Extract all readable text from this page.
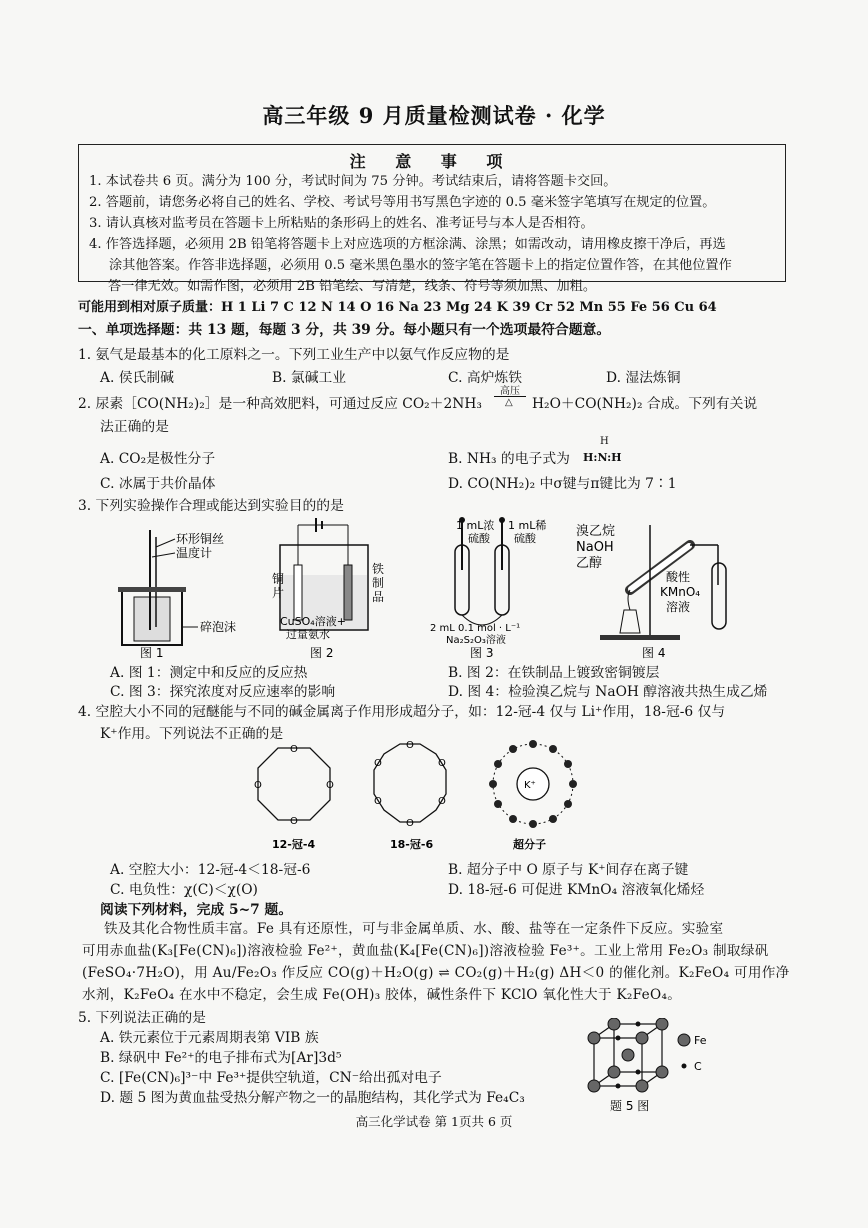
高三年级 9 月质量检测试卷 · 化学
注 意 事 项
1. 本试卷共 6 页。满分为 100 分，考试时间为 75 分钟。考试结束后，请将答题卡交回。
2. 答题前，请您务必将自己的姓名、学校、考试号等用书写黑色字迹的 0.5 毫米签字笔填写在规定的位置。
3. 请认真核对监考员在答题卡上所粘贴的条形码上的姓名、准考证号与本人是否相符。
4. 作答选择题，必须用 2B 铅笔将答题卡上对应选项的方框涂满、涂黑；如需改动，请用橡皮擦干净后，再选
涂其他答案。作答非选择题，必须用 0.5 毫米黑色墨水的签字笔在答题卡上的指定位置作答，在其他位置作
答一律无效。如需作图，必须用 2B 铅笔绘、写清楚，线条、符号等须加黑、加粗。
可能用到相对原子质量：H 1 Li 7 C 12 N 14 O 16 Na 23 Mg 24 K 39 Cr 52 Mn 55 Fe 56 Cu 64
一、单项选择题：共 13 题，每题 3 分，共 39 分。每小题只有一个选项最符合题意。
1. 氨气是最基本的化工原料之一。下列工业生产中以氨气作反应物的是
A. 侯氏制碱	B. 氯碱工业	C. 高炉炼铁	D. 湿法炼铜
2. 尿素［CO(NH₂)₂］是一种高效肥料，可通过反应 CO₂＋2NH₃
高压
△ H₂O＋CO(NH₂)₂ 合成。下列有关说
法正确的是
A. CO₂是极性分子	B. NH₃ 的电子式为
H
H:N:H
C. 冰属于共价晶体	D. CO(NH₂)₂ 中σ键与π键比为 7∶1
3. 下列实验操作合理或能达到实验目的的是
环形铜丝
温度计
碎泡沫
图 1
铜
片
铁
制
品
CuSO₄溶液+
过量氨水
图 2
1 mL浓
硫酸
1 mL稀
硫酸
2 mL 0.1 mol · L⁻¹
Na₂S₂O₃溶液
图 3
溴乙烷
NaOH
乙醇
酸性
KMnO₄
溶液
图 4
A. 图 1：测定中和反应的反应热	B. 图 2：在铁制品上镀致密铜镀层
C. 图 3：探究浓度对反应速率的影响	D. 图 4：检验溴乙烷与 NaOH 醇溶液共热生成乙烯
4. 空腔大小不同的冠醚能与不同的碱金属离子作用形成超分子，如：12-冠-4 仅与 Li⁺作用，18-冠-6 仅与
K⁺作用。下列说法不正确的是
O
O
O
O
12-冠-4
O
O
O
O
O
O
18-冠-6
K⁺
超分子
A. 空腔大小：12-冠-4＜18-冠-6	B. 超分子中 O 原子与 K⁺间存在离子键
C. 电负性：χ(C)＜χ(O)	D. 18-冠-6 可促进 KMnO₄ 溶液氧化烯烃
阅读下列材料，完成 5~7 题。

铁及其化合物性质丰富。Fe 具有还原性，可与非金属单质、水、酸、盐等在一定条件下反应。实验室

可用赤血盐(K₃[Fe(CN)₆])溶液检验 Fe²⁺，黄血盐(K₄[Fe(CN)₆])溶液检验 Fe³⁺。工业上常用 Fe₂O₃ 制取绿矾

(FeSO₄·7H₂O)，用 Au/Fe₂O₃ 作反应 CO(g)＋H₂O(g) ⇌ CO₂(g)＋H₂(g) ΔH＜0 的催化剂。K₂FeO₄ 可用作净

水剂，K₂FeO₄ 在水中不稳定，会生成 Fe(OH)₃ 胶体，碱性条件下 KClO 氧化性大于 K₂FeO₄。

5. 下列说法正确的是
A. 铁元素位于元素周期表第 VIB 族
B. 绿矾中 Fe²⁺的电子排布式为[Ar]3d⁵
C. [Fe(CN)₆]³⁻中 Fe³⁺提供空轨道，CN⁻给出孤对电子
D. 题 5 图为黄血盐受热分解产物之一的晶胞结构，其化学式为 Fe₄C₃
Fe
C
题 5 图
高三化学试卷 第 1页共 6 页
